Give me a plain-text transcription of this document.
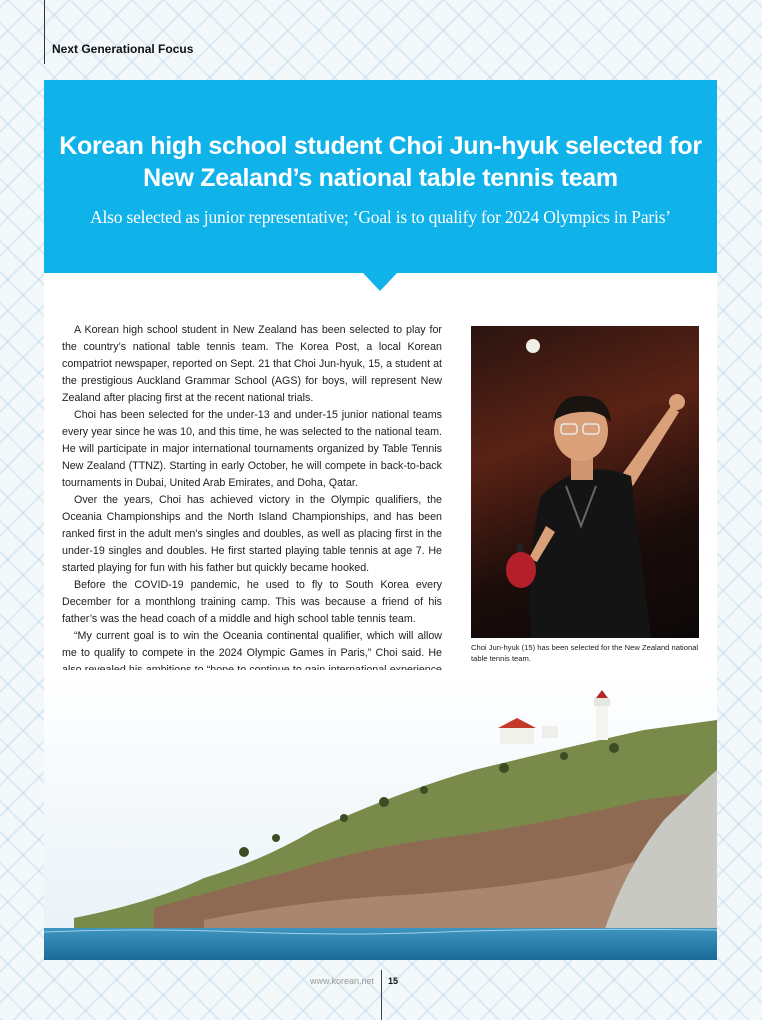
Next Generational Focus
Korean high school student Choi Jun-hyuk selected for
New Zealand’s national table tennis team
Also selected as junior representative; ‘Goal is to qualify for 2024 Olympics in Paris’

A Korean high school student in New Zealand has been selected to play for the country’s national table tennis team. The Korea Post, a local Korean compatriot newspaper, reported on Sept. 21 that Choi Jun-hyuk, 15, a student at the prestigious Auckland Grammar School (AGS) for boys, will represent New Zealand after placing first at the recent national trials.

Choi has been selected for the under-13 and under-15 junior national teams every year since he was 10, and this time, he was selected to the national team. He will participate in major international tournaments organized by Table Tennis New Zealand (TTNZ). Starting in early October, he will compete in back-to-back tournaments in Dubai, United Arab Emirates, and Doha, Qatar.

Over the years, Choi has achieved victory in the Olympic qualifiers, the Oceania Championships and the North Island Championships, and has been ranked first in the adult men’s singles and doubles, as well as placing first in the under-19 singles and doubles. He first started playing table tennis at age 7. He started playing for fun with his father but quickly became hooked.

Before the COVID-19 pandemic, he used to fly to South Korea every December for a monthlong training camp. This was because a friend of his father’s was the head coach of a middle and high school table tennis team.

“My current goal is to win the Oceania continental qualifier, which will allow me to qualify to compete in the 2024 Olympic Games in Paris,” Choi said. He	Choi Jun-hyuk (15) has been selected for the New Zealand national table tennis team.
www.korean.net 15
